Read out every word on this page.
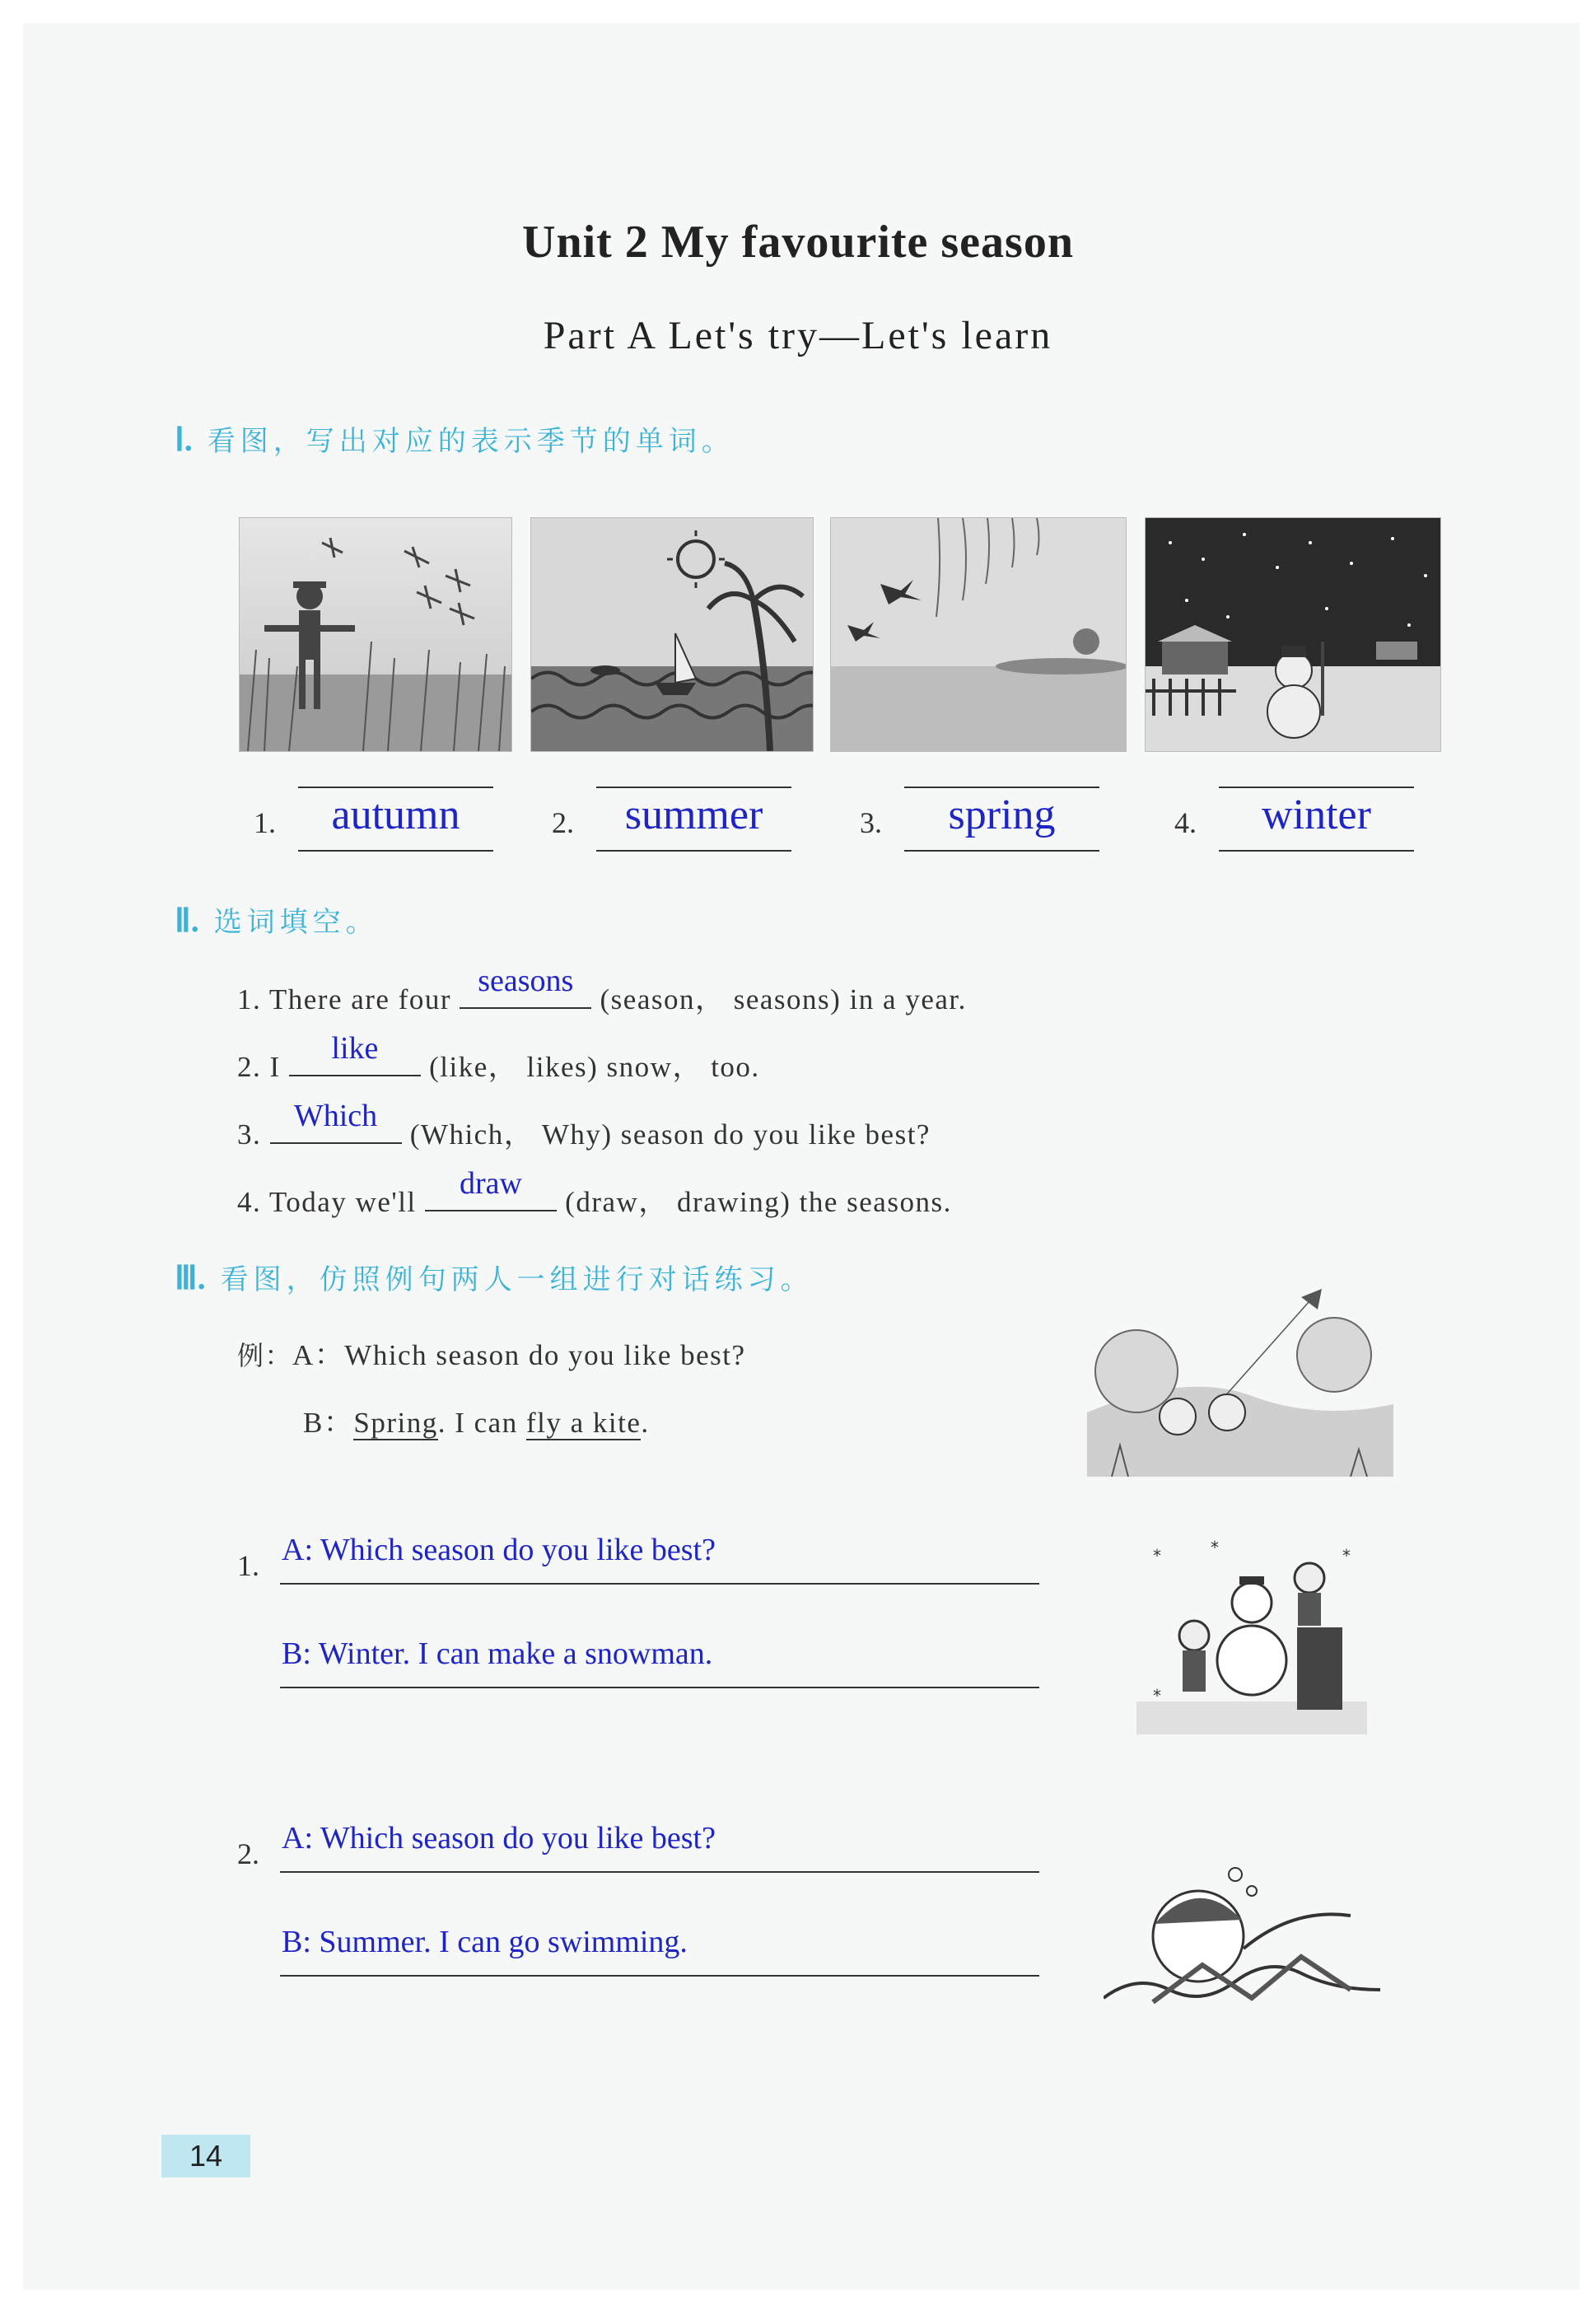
Unit 2 My favourite season
Part A Let's try—Let's learn
Ⅰ. 看图，写出对应的表示季节的单词。
1.	autumn	2.	summer	3.	spring	4.	winter
Ⅱ. 选词填空。
1. There are four
seasons
(season， seasons) in a year.
2. I
like
(like， likes) snow， too.
3.
Which
(Which， Why) season do you like best?
4. Today we'll
draw
(draw， drawing) the seasons.
Ⅲ. 看图，仿照例句两人一组进行对话练习。
例：A：Which season do you like best?
B：Spring. I can fly a kite.
1. A: Which season do you like best?
B: Winter. I can make a snowman.
*	*	*
*
2. A: Which season do you like best?
B: Summer. I can go swimming.
14
